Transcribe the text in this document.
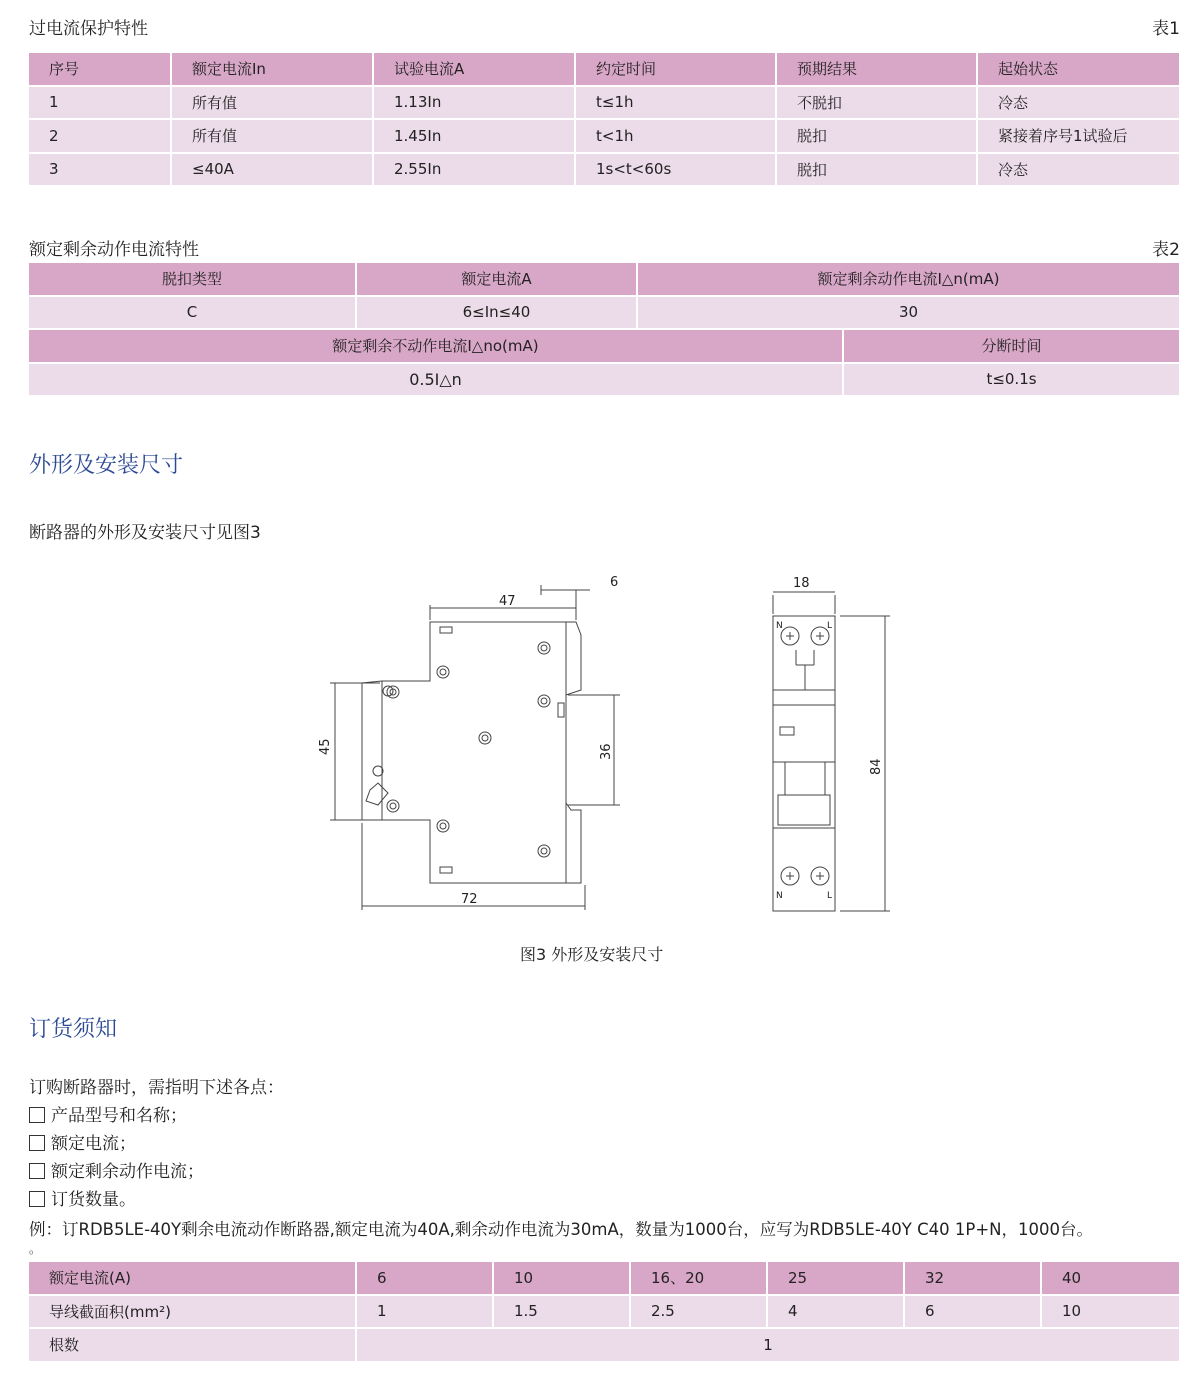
过电流保护特性	表1
序号	额定电流In	试验电流A	约定时间	预期结果	起始状态
1	所有值	1.13In	t≤1h	不脱扣	冷态
2	所有值	1.45In	t<1h	脱扣	紧接着序号1试验后
3	≤40A	2.55In	1s<t<60s	脱扣	冷态
额定剩余动作电流特性	表2
脱扣类型	额定电流A	额定剩余动作电流I△n(mA)
C	6≤In≤40	30
额定剩余不动作电流I△no(mA)	分断时间
0.5I△n	t≤0.1s
外形及安装尺寸
断路器的外形及安装尺寸见图3
47
6
45	36
72
18
84
N	L
N	L
图3 外形及安装尺寸
订货须知
订购断路器时，需指明下述各点：
产品型号和名称；
额定电流；
额定剩余动作电流；
订货数量。
例：订RDB5LE-40Y剩余电流动作断路器,额定电流为40A,剩余动作电流为30mA，数量为1000台，应写为RDB5LE-40Y C40 1P+N，1000台。
。
额定电流(A)	6	10	16、20	25	32	40
导线截面积(mm²)	1	1.5	2.5	4	6	10
根数	1
